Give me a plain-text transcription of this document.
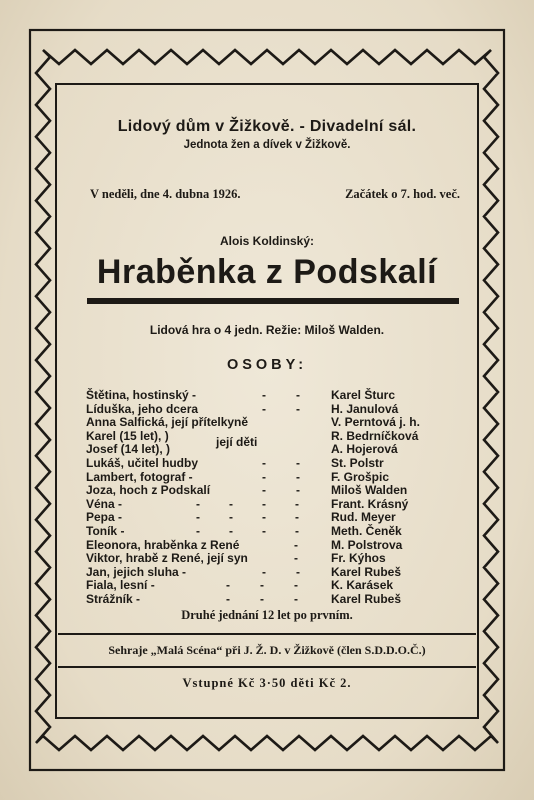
Lidový dům v Žižkově. - Divadelní sál.
Jednota žen a dívek v Žižkově.
V neděli, dne 4. dubna 1926.	Začátek o 7. hod. več.
Alois Koldinský:
Hraběnka z Podskalí
Lidová hra o 4 jedn. Režie: Miloš Walden.
OSOBY:
Štětina, hostinský -	-	-	Karel Šturc
Líduška, jeho dcera	-	-	H. Janulová
Anna Salfická, její přítelkyně	V. Perntová j. h.
Karel (15 let), )	R. Bedrníčková
její děti
Josef (14 let), )	A. Hojerová
Lukáš, učitel hudby	-	-	St. Polstr
Lambert, fotograf -	-	-	F. Grošpic
Joza, hoch z Podskalí	-	-	Miloš Walden
Véna -	- - - -	Frant. Krásný
Pepa -	- - - -	Rud. Meyer
Toník -	- - - -	Meth. Čeněk
Eleonora, hraběnka z René	-	M. Polstrova
Viktor, hrabě z René, její syn	-	Fr. Kýhos
Jan, jejich sluha -	-	-	Karel Rubeš
Fiala, lesní -	-	-	-	K. Karásek
Strážník -	-	-	-	Karel Rubeš
Druhé jednání 12 let po prvním.
Sehraje „Malá Scéna“ při J. Ž. D. v Žižkově (člen S.D.D.O.Č.)
Vstupné Kč 3·50 děti Kč 2.
